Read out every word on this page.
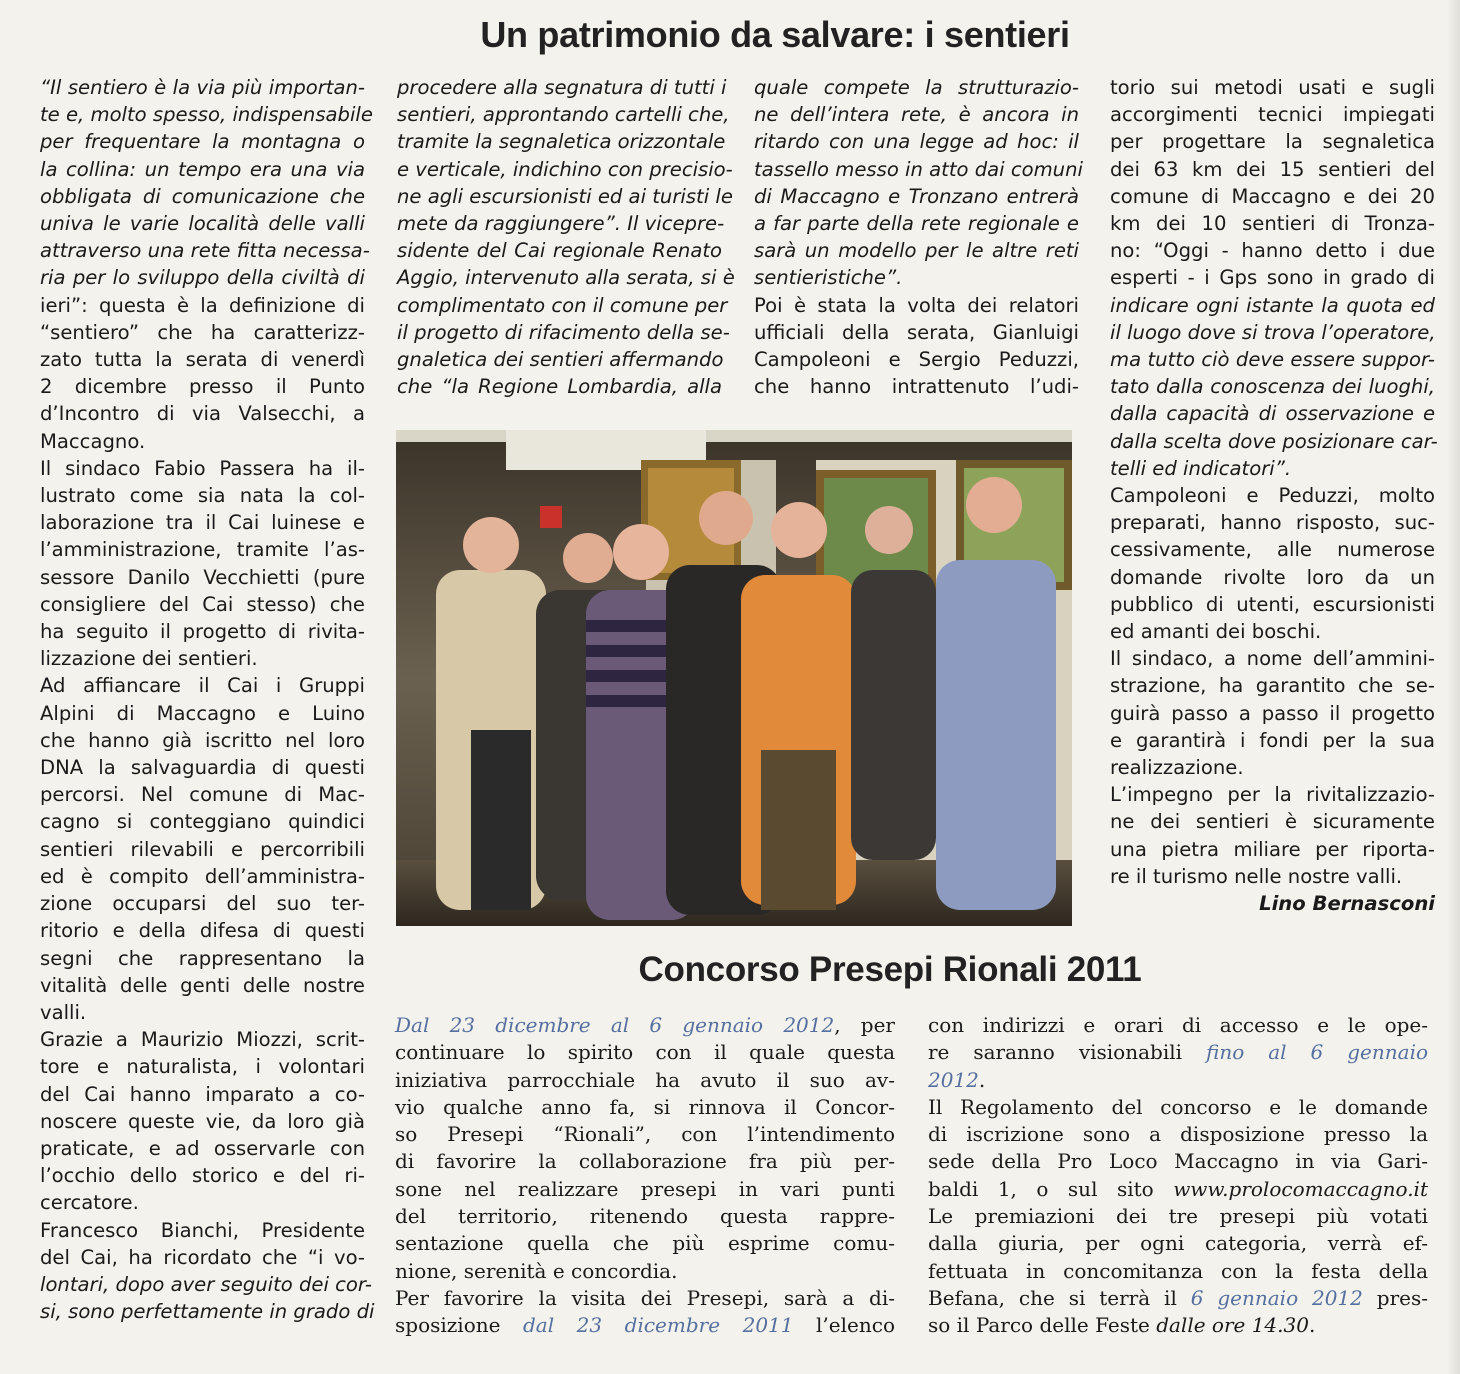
Un patrimonio da salvare: i sentieri

“Il sentiero è la via più importan-
te e, molto spesso, indispensabile
per frequentare la montagna o
la collina: un tempo era una via
obbligata di comunicazione che
univa le varie località delle valli
attraverso una rete fitta necessa-
ria per lo sviluppo della civiltà di
ieri”: questa è la definizione di
“sentiero” che ha caratterizz-
zato tutta la serata di venerdì
2 dicembre presso il Punto
d’Incontro di via Valsecchi, a
Maccagno.
Il sindaco Fabio Passera ha il-
lustrato come sia nata la col-
laborazione tra il Cai luinese e
l’amministrazione, tramite l’as-
sessore Danilo Vecchietti (pure
consigliere del Cai stesso) che
ha seguito il progetto di rivita-
lizzazione dei sentieri.
Ad affiancare il Cai i Gruppi
Alpini di Maccagno e Luino
che hanno già iscritto nel loro
DNA la salvaguardia di questi
percorsi. Nel comune di Mac-
cagno si conteggiano quindici
sentieri rilevabili e percorribili
ed è compito dell’amministra-
zione occuparsi del suo ter-
ritorio e della difesa di questi
segni che rappresentano la
vitalità delle genti delle nostre
valli.
Grazie a Maurizio Miozzi, scrit-
tore e naturalista, i volontari
del Cai hanno imparato a co-
noscere queste vie, da loro già
praticate, e ad osservarle con
l’occhio dello storico e del ri-
cercatore.
Francesco Bianchi, Presidente
del Cai, ha ricordato che “i vo-
lontari, dopo aver seguito dei cor-
si, sono perfettamente in grado di

procedere alla segnatura di tutti i
sentieri, approntando cartelli che,
tramite la segnaletica orizzontale
e verticale, indichino con precisio-
ne agli escursionisti ed ai turisti le
mete da raggiungere”. Il vicepre-
sidente del Cai regionale Renato
Aggio, intervenuto alla serata, si è
complimentato con il comune per
il progetto di rifacimento della se-
gnaletica dei sentieri affermando
che “la Regione Lombardia, alla

quale compete la strutturazio-
ne dell’intera rete, è ancora in
ritardo con una legge ad hoc: il
tassello messo in atto dai comuni
di Maccagno e Tronzano entrerà
a far parte della rete regionale e
sarà un modello per le altre reti
sentieristiche”.
Poi è stata la volta dei relatori
ufficiali della serata, Gianluigi
Campoleoni e Sergio Peduzzi,
che hanno intrattenuto l’udi-

torio sui metodi usati e sugli
accorgimenti tecnici impiegati
per progettare la segnaletica
dei 63 km dei 15 sentieri del
comune di Maccagno e dei 20
km dei 10 sentieri di Tronza-
no: “Oggi - hanno detto i due
esperti - i Gps sono in grado di
indicare ogni istante la quota ed
il luogo dove si trova l’operatore,
ma tutto ciò deve essere suppor-
tato dalla conoscenza dei luoghi,
dalla capacità di osservazione e
dalla scelta dove posizionare car-
telli ed indicatori”.
Campoleoni e Peduzzi, molto
preparati, hanno risposto, suc-
cessivamente, alle numerose
domande rivolte loro da un
pubblico di utenti, escursionisti
ed amanti dei boschi.
Il sindaco, a nome dell’ammini-
strazione, ha garantito che se-
guirà passo a passo il progetto
e garantirà i fondi per la sua
realizzazione.
L’impegno per la rivitalizzazio-
ne dei sentieri è sicuramente
una pietra miliare per riporta-
re il turismo nelle nostre valli.

Lino Bernasconi
Concorso Presepi Rionali 2011

Dal 23 dicembre al 6 gennaio 2012, per
continuare lo spirito con il quale questa
iniziativa parrocchiale ha avuto il suo av-
vio qualche anno fa, si rinnova il Concor-
so Presepi “Rionali”, con l’intendimento
di favorire la collaborazione fra più per-
sone nel realizzare presepi in vari punti
del territorio, ritenendo questa rappre-
sentazione quella che più esprime comu-
nione, serenità e concordia.
Per favorire la visita dei Presepi, sarà a di-
sposizione dal 23 dicembre 2011 l’elenco

con indirizzi e orari di accesso e le ope-
re saranno visionabili fino al 6 gennaio
2012.
Il Regolamento del concorso e le domande
di iscrizione sono a disposizione presso la
sede della Pro Loco Maccagno in via Gari-
baldi 1, o sul sito www.prolocomaccagno.it
Le premiazioni dei tre presepi più votati
dalla giuria, per ogni categoria, verrà ef-
fettuata in concomitanza con la festa della
Befana, che si terrà il 6 gennaio 2012 pres-
so il Parco delle Feste dalle ore 14.30.
